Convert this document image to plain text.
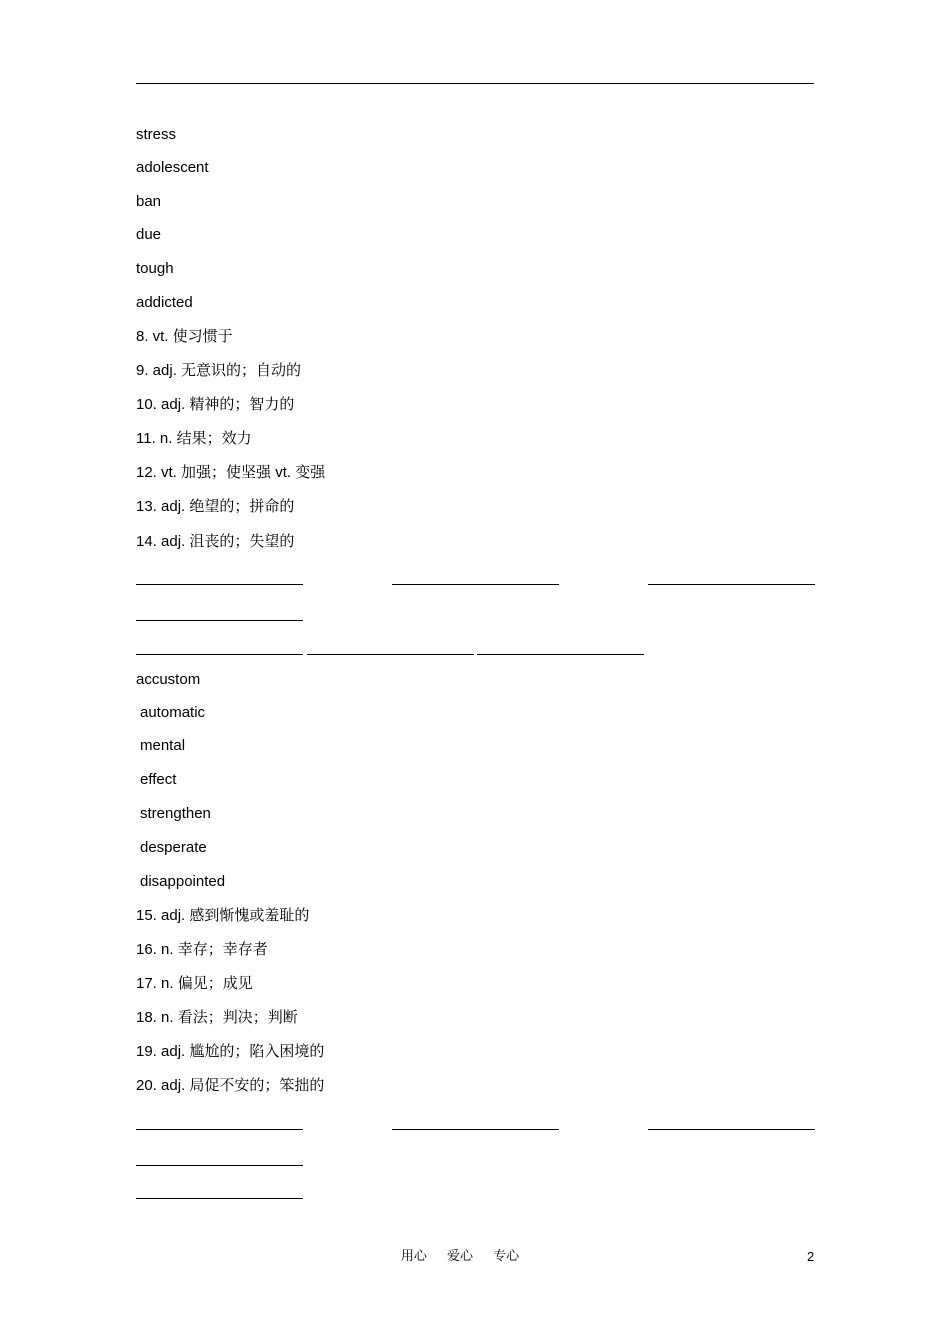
stress
adolescent
ban
due
tough
addicted
8. vt. 使习惯于
9. adj. 无意识的；自动的
10. adj. 精神的；智力的
11. n. 结果；效力
12. vt. 加强；使坚强 vt. 变强
13. adj. 绝望的；拼命的
14. adj. 沮丧的；失望的
accustom
automatic
mental
effect
strengthen
desperate
disappointed
15. adj. 感到惭愧或羞耻的
16. n. 幸存；幸存者
17. n. 偏见；成见
18. n. 看法；判决；判断
19. adj. 尴尬的；陷入困境的
20. adj. 局促不安的；笨拙的
用心 爱心 专心	2
